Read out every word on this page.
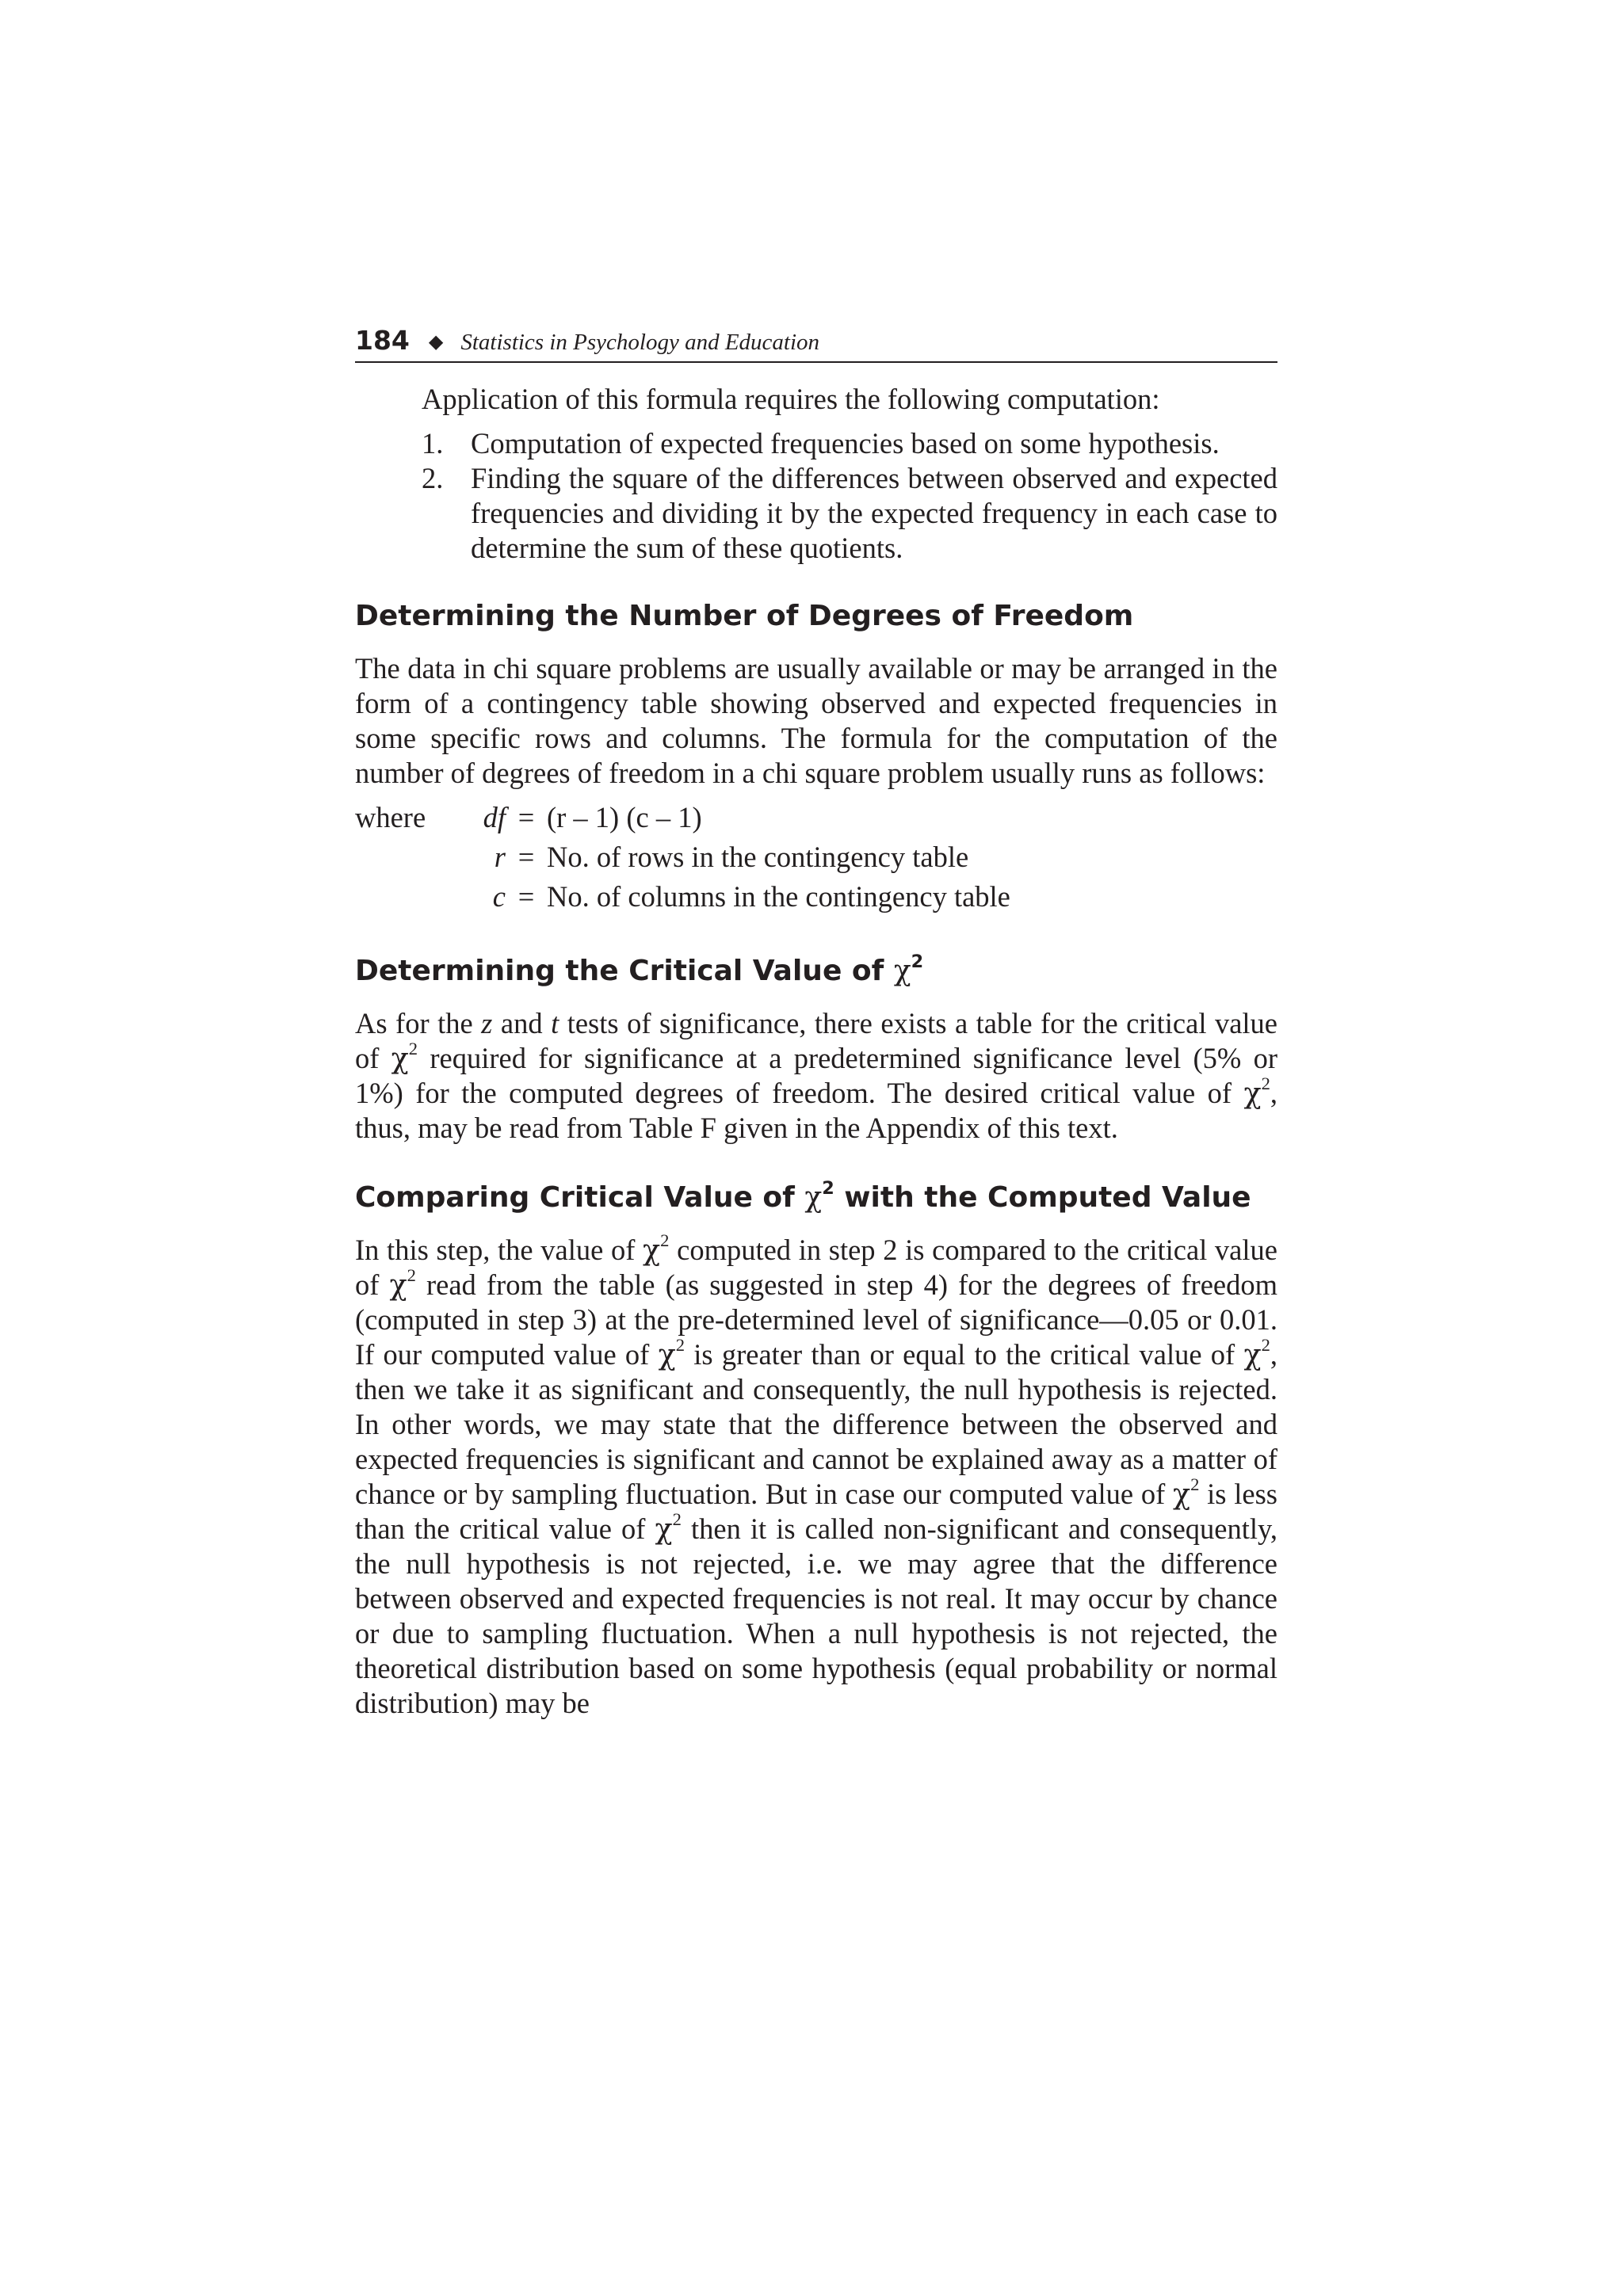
184 ◆ Statistics in Psychology and Education

Application of this formula requires the following computation:

1. Computation of expected frequencies based on some hypothesis.
2. Finding the square of the differences between observed and expected frequencies and dividing it by the expected frequency in each case to determine the sum of these quotients.
Determining the Number of Degrees of Freedom

The data in chi square problems are usually available or may be arranged in the form of a contingency table showing observed and expected frequencies in some specific rows and columns. The formula for the computation of the number of degrees of freedom in a chi square problem usually runs as follows:

where	df = (r – 1) (c – 1)
r = No. of rows in the contingency table
c = No. of columns in the contingency table
Determining the Critical Value of $\chi^2$

As for the z and t tests of significance, there exists a table for the critical value of $\chi^2$ required for significance at a predetermined significance level (5% or 1%) for the computed degrees of freedom. The desired critical value of $\chi^2$, thus, may be read from Table F given in the Appendix of this text.

Comparing Critical Value of $\chi^2$ with the Computed Value

In this step, the value of $\chi^2$ computed in step 2 is compared to the critical value of $\chi^2$ read from the table (as suggested in step 4) for the degrees of freedom (computed in step 3) at the pre-determined level of significance—0.05 or 0.01. If our computed value of $\chi^2$ is greater than or equal to the critical value of $\chi^2$, then we take it as significant and consequently, the null hypothesis is rejected. In other words, we may state that the difference between the observed and expected frequencies is significant and cannot be explained away as a matter of chance or by sampling fluctuation. But in case our computed value of $\chi^2$ is less than the critical value of $\chi^2$ then it is called non-significant and consequently, the null hypothesis is not rejected, i.e. we may agree that the difference between observed and expected frequencies is not real. It may occur by chance or due to sampling fluctuation. When a null hypothesis is not rejected, the theoretical distribution based on some hypothesis (equal probability or normal distribution) may be
